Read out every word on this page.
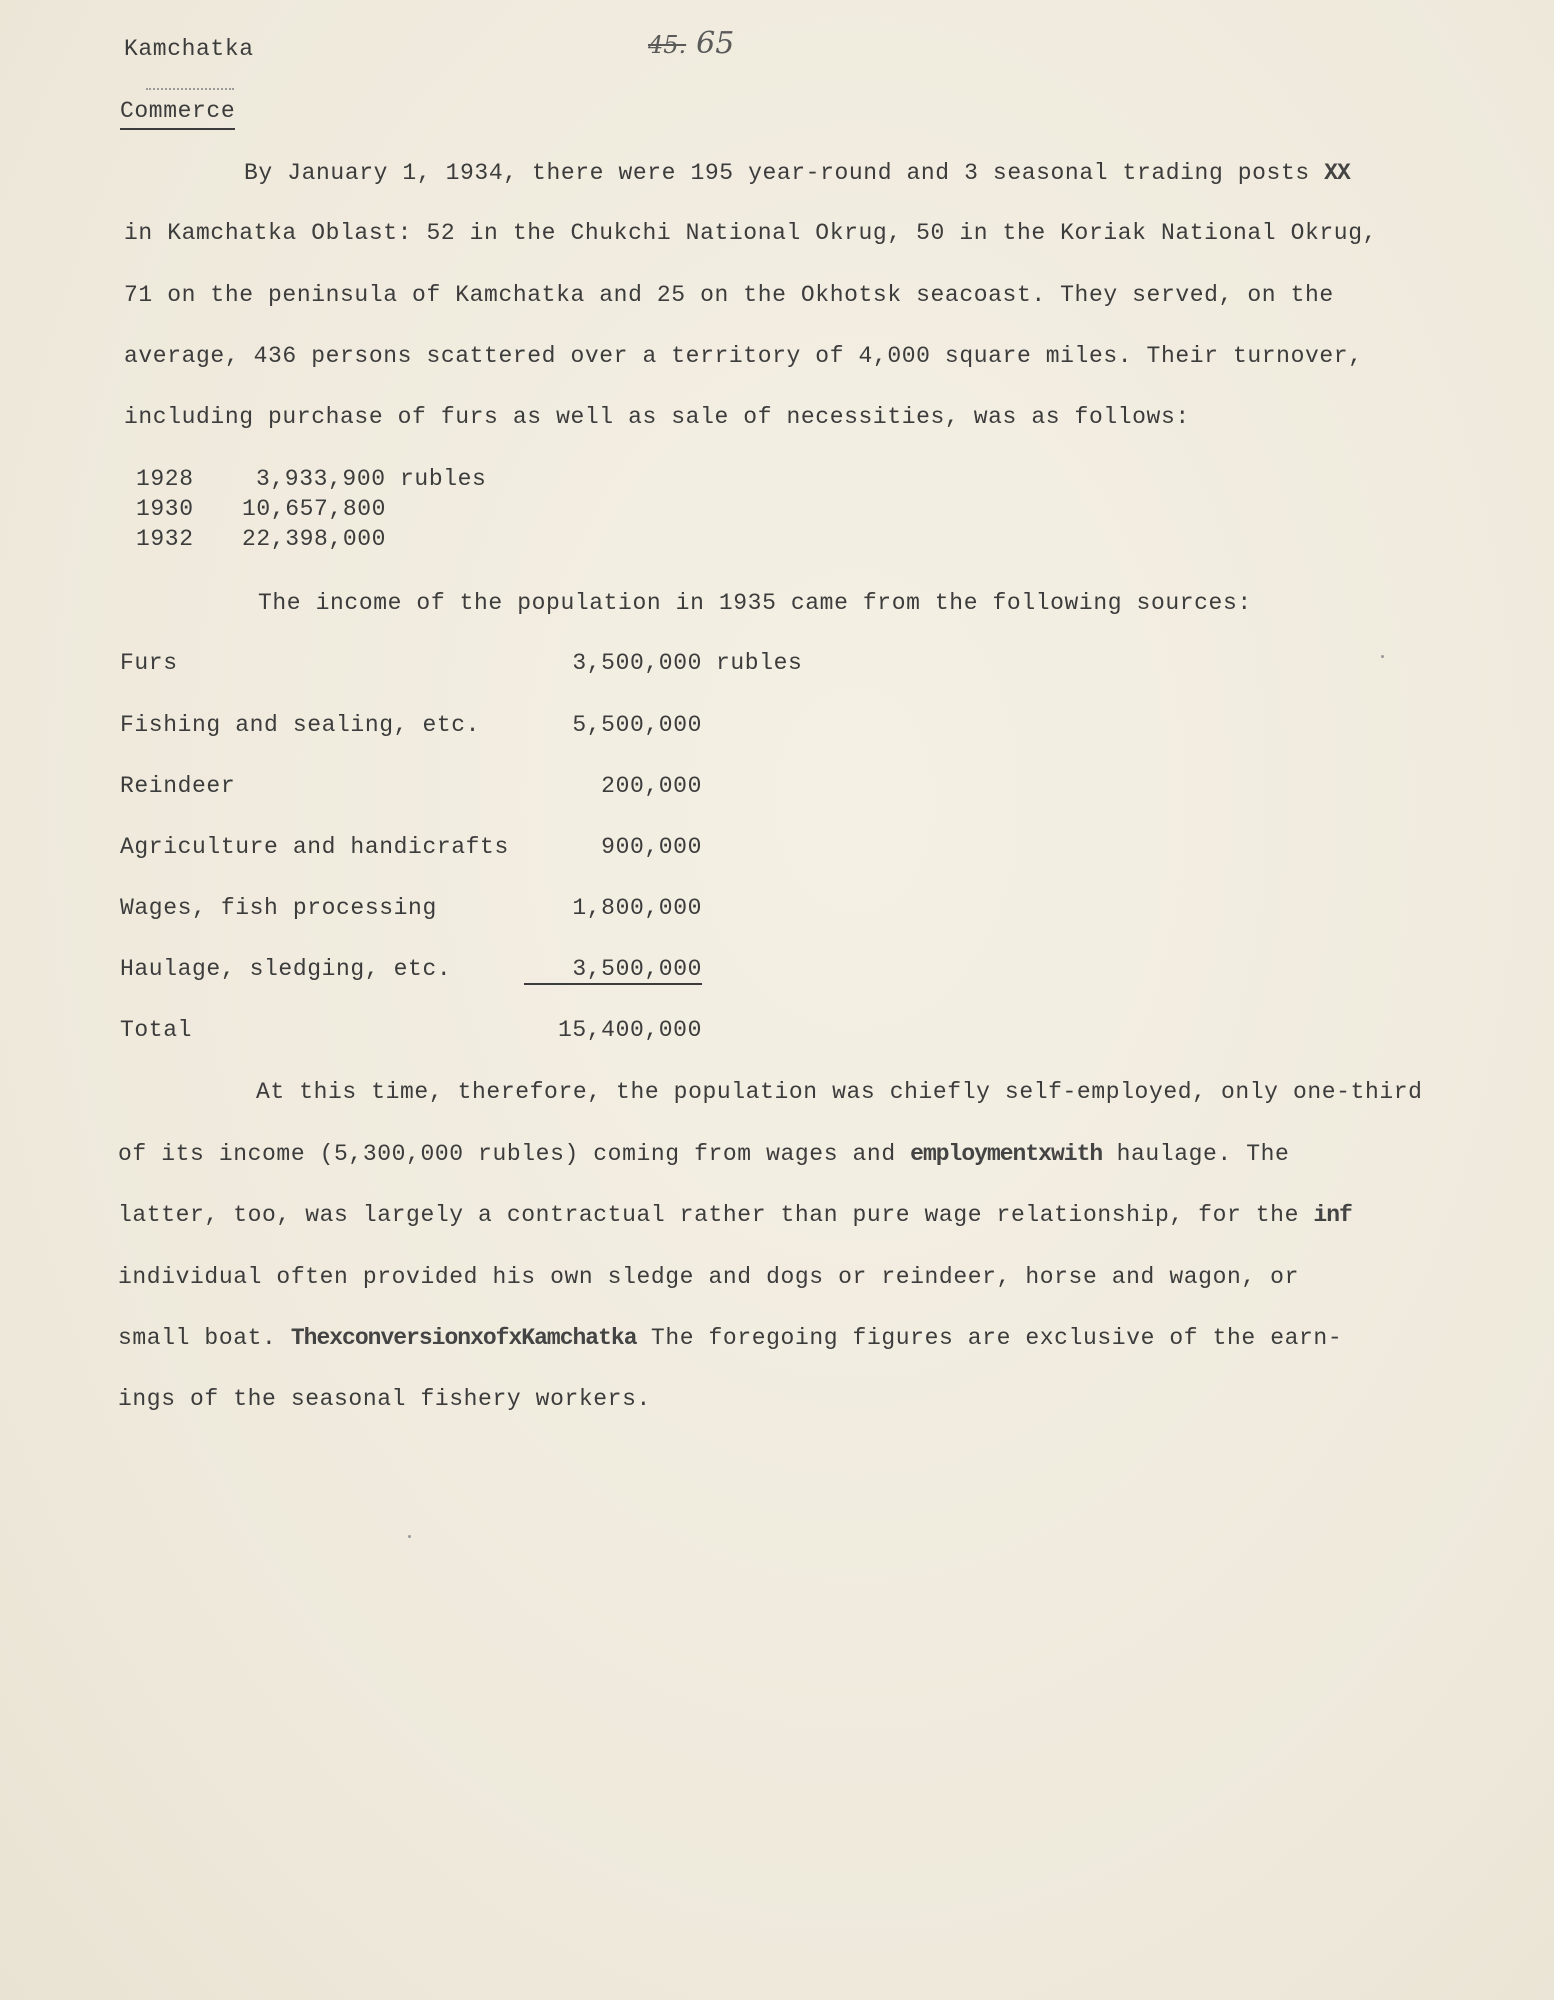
Kamchatka	45. 65
Commerce
By January 1, 1934, there were 195 year-round and 3 seasonal trading posts XX
in Kamchatka Oblast: 52 in the Chukchi National Okrug, 50 in the Koriak National Okrug,
71 on the peninsula of Kamchatka and 25 on the Okhotsk seacoast. They served, on the
average, 436 persons scattered over a territory of 4,000 square miles. Their turnover,
including purchase of furs as well as sale of necessities, was as follows:
1928	3,933,900 rubles
1930 10,657,800
1932 22,398,000
The income of the population in 1935 came from the following sources:
Furs	3,500,000 rubles
Fishing and sealing, etc.	5,500,000
Reindeer	200,000
Agriculture and handicrafts	900,000
Wages, fish processing	1,800,000
Haulage, sledging, etc.	3,500,000
Total	15,400,000
At this time, therefore, the population was chiefly self-employed, only one-third
of its income (5,300,000 rubles) coming from wages and employmentxwith haulage. The
latter, too, was largely a contractual rather than pure wage relationship, for the inf
individual often provided his own sledge and dogs or reindeer, horse and wagon, or
small boat. ThexconversionxofxKamchatka The foregoing figures are exclusive of the earn-
ings of the seasonal fishery workers.
